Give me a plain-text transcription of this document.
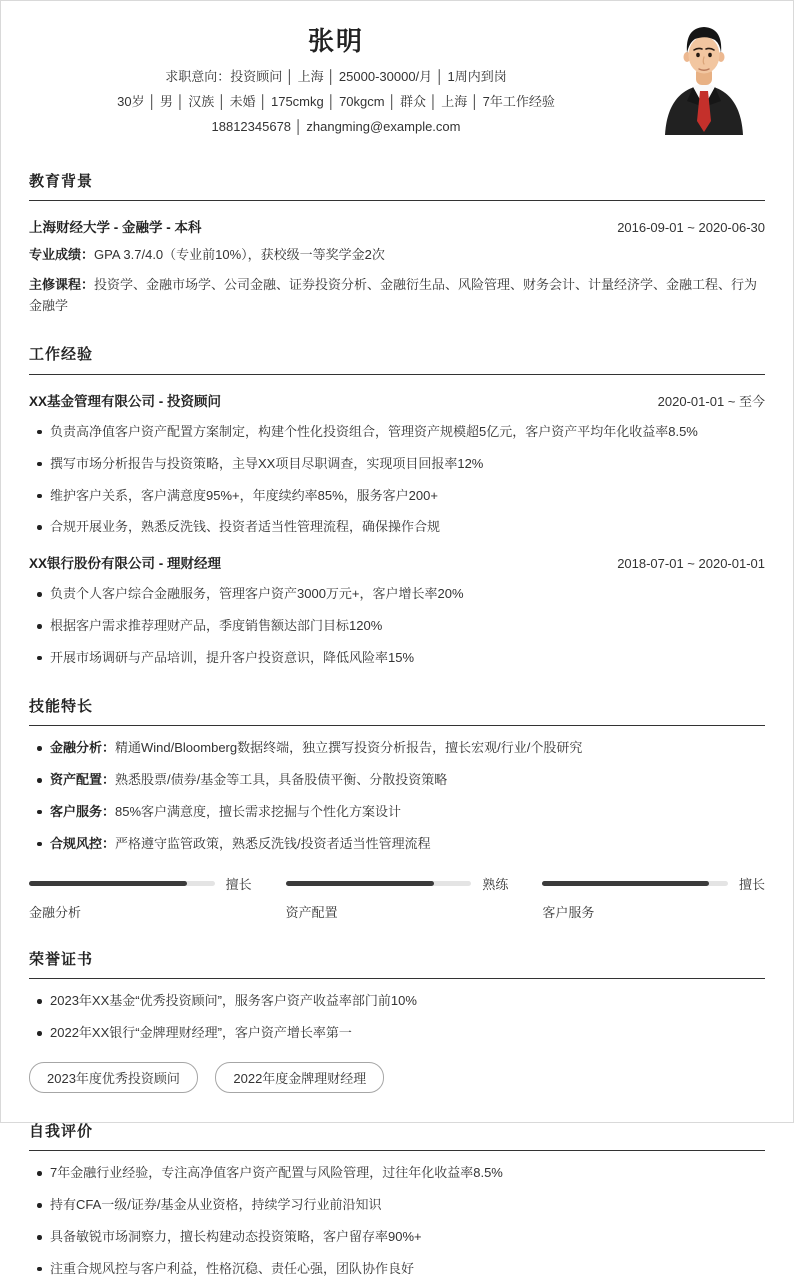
张明
求职意向：投资顾问 │ 上海 │ 25000-30000/月 │ 1周内到岗
30岁 │ 男 │ 汉族 │ 未婚 │ 175cmkg │ 70kgcm │ 群众 │ 上海 │ 7年工作经验
18812345678 │ zhangming@example.com
教育背景
上海财经大学 - 金融学 - 本科	2016-09-01 ~ 2020-06-30

专业成绩：GPA 3.7/4.0（专业前10%），获校级一等奖学金2次

主修课程：投资学、金融市场学、公司金融、证券投资分析、金融衍生品、风险管理、财务会计、计量经济学、金融工程、行为金融学

工作经验
XX基金管理有限公司 - 投资顾问	2020-01-01 ~ 至今
负责高净值客户资产配置方案制定，构建个性化投资组合，管理资产规模超5亿元，客户资产平均年化收益率8.5%
撰写市场分析报告与投资策略，主导XX项目尽职调查，实现项目回报率12%
维护客户关系，客户满意度95%+，年度续约率85%，服务客户200+
合规开展业务，熟悉反洗钱、投资者适当性管理流程，确保操作合规
XX银行股份有限公司 - 理财经理	2018-07-01 ~ 2020-01-01
负责个人客户综合金融服务，管理客户资产3000万元+，客户增长率20%
根据客户需求推荐理财产品，季度销售额达部门目标120%
开展市场调研与产品培训，提升客户投资意识，降低风险率15%
技能特长
金融分析：精通Wind/Bloomberg数据终端，独立撰写投资分析报告，擅长宏观/行业/个股研究
资产配置：熟悉股票/债券/基金等工具，具备股债平衡、分散投资策略
客户服务：85%客户满意度，擅长需求挖掘与个性化方案设计
合规风控：严格遵守监管政策，熟悉反洗钱/投资者适当性管理流程
擅长
金融分析
熟练
资产配置
擅长
客户服务
荣誉证书
2023年XX基金“优秀投资顾问”，服务客户资产收益率部门前10%
2022年XX银行“金牌理财经理”，客户资产增长率第一
2023年度优秀投资顾问	2022年度金牌理财经理
自我评价
7年金融行业经验，专注高净值客户资产配置与风险管理，过往年化收益率8.5%
持有CFA一级/证券/基金从业资格，持续学习行业前沿知识
具备敏锐市场洞察力，擅长构建动态投资策略，客户留存率90%+
注重合规风控与客户利益，性格沉稳、责任心强，团队协作良好
